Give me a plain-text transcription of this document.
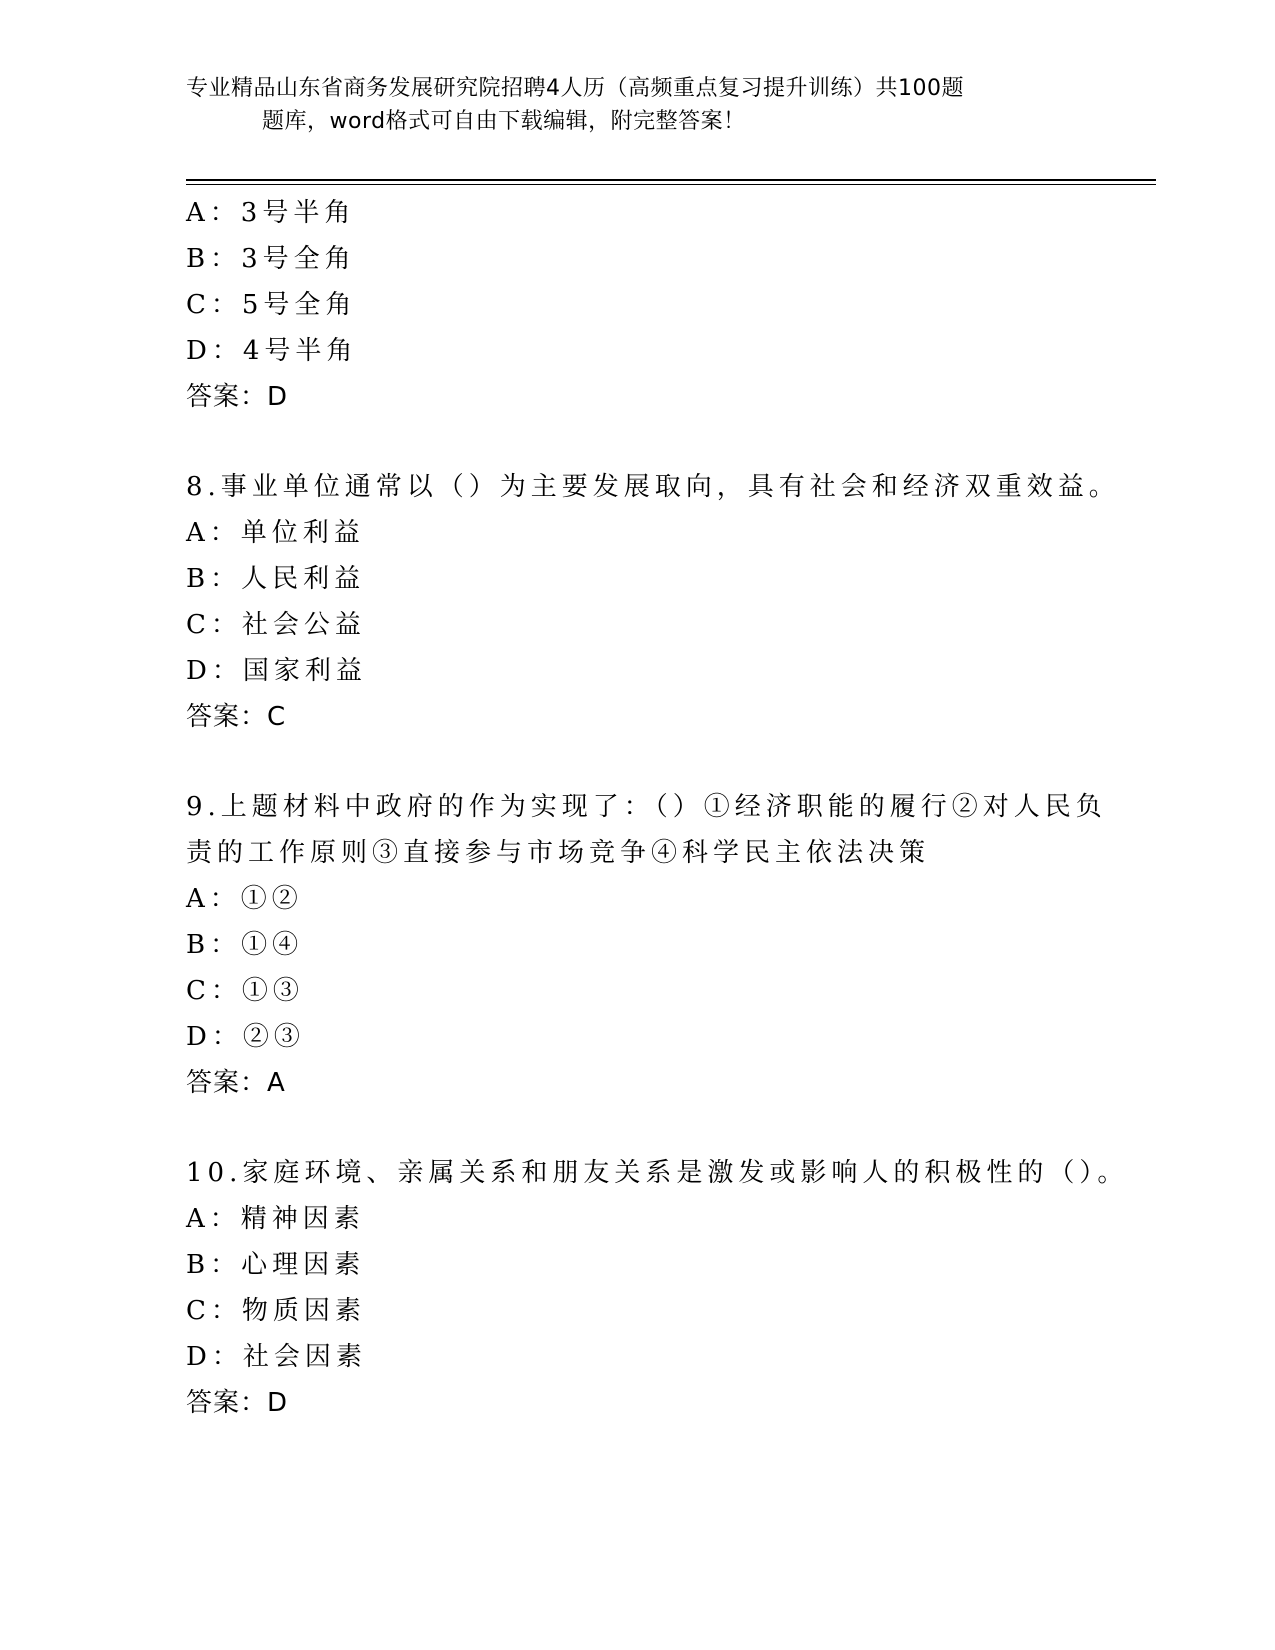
专业精品山东省商务发展研究院招聘4人历（高频重点复习提升训练）共100题
题库，word格式可自由下载编辑，附完整答案！
A：3号半角
B：3号全角
C：5号全角
D：4号半角
答案：D
8.事业单位通常以（）为主要发展取向，具有社会和经济双重效益。
A：单位利益
B：人民利益
C：社会公益
D：国家利益
答案：C
9.上题材料中政府的作为实现了：（）①经济职能的履行②对人民负
责的工作原则③直接参与市场竞争④科学民主依法决策
A：①②
B：①④
C：①③
D：②③
答案：A
10.家庭环境、亲属关系和朋友关系是激发或影响人的积极性的（）。
A：精神因素
B：心理因素
C：物质因素
D：社会因素
答案：D
